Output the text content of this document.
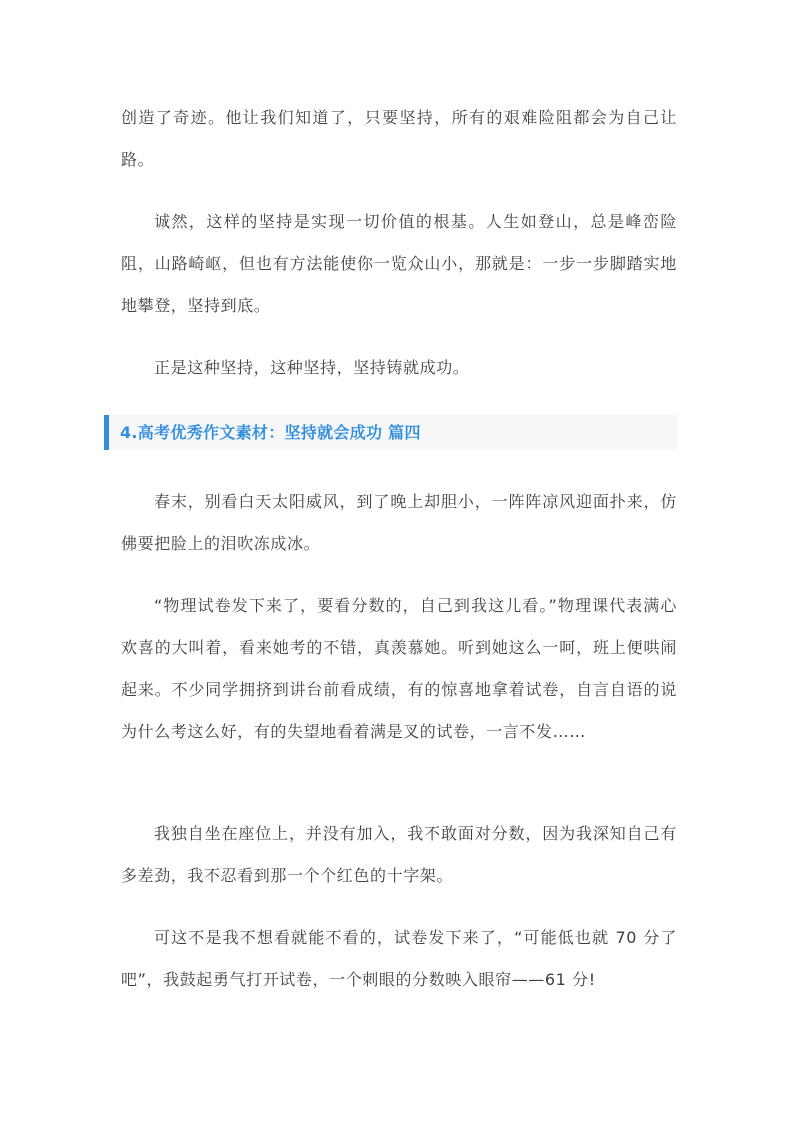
创造了奇迹。他让我们知道了，只要坚持，所有的艰难险阻都会为自己让路。

诚然，这样的坚持是实现一切价值的根基。人生如登山，总是峰峦险阻，山路崎岖，但也有方法能使你一览众山小，那就是：一步一步脚踏实地地攀登，坚持到底。

正是这种坚持，这种坚持，坚持铸就成功。

4.高考优秀作文素材：坚持就会成功 篇四

春末，别看白天太阳威风，到了晚上却胆小，一阵阵凉风迎面扑来，仿佛要把脸上的泪吹冻成冰。

“物理试卷发下来了，要看分数的，自己到我这儿看。”物理课代表满心欢喜的大叫着，看来她考的不错，真羡慕她。听到她这么一呵，班上便哄闹起来。不少同学拥挤到讲台前看成绩，有的惊喜地拿着试卷，自言自语的说为什么考这么好，有的失望地看着满是叉的试卷，一言不发……

我独自坐在座位上，并没有加入，我不敢面对分数，因为我深知自己有多差劲，我不忍看到那一个个红色的十字架。

可这不是我不想看就能不看的，试卷发下来了，“可能低也就 70 分了吧”，我鼓起勇气打开试卷，一个刺眼的分数映入眼帘——61 分!
